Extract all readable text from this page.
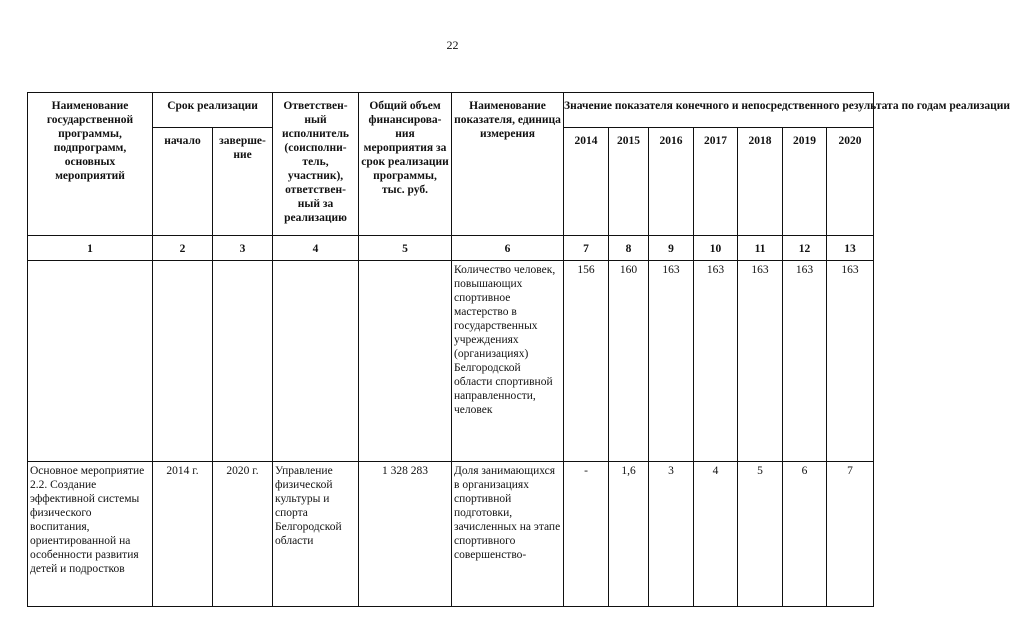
22
Наименование государственной программы, подпрограмм, основных мероприятий	Срок реализации		Ответствен-ный исполнитель (соисполни-тель, участник), ответствен-ный за реализацию	Общий объем финансирова-ния мероприятия за срок реализации программы, тыс. руб.	Наименование показателя, единица измерения	Значение показателя конечного и непосредственного результата по годам реализации						
	начало	заверше-ние				2014	2015	2016	2017	2018	2019	2020
1	2	3	4	5	6	7	8	9	10	11	12	13
					Количество человек, повышающих спортивное мастерство в государственных учреждениях (организациях) Белгородской области спортивной направленности, человек	156	160	163	163	163	163	163
Основное мероприятие 2.2. Создание эффективной системы физического воспитания, ориентированной на особенности развития детей и подростков	2014 г.	2020 г.	Управление физической культуры и спорта Белгородской области	1 328 283	Доля занимающихся в организациях спортивной подготовки, зачисленных на этапе спортивного совершенство-	-	1,6	3	4	5	6	7
